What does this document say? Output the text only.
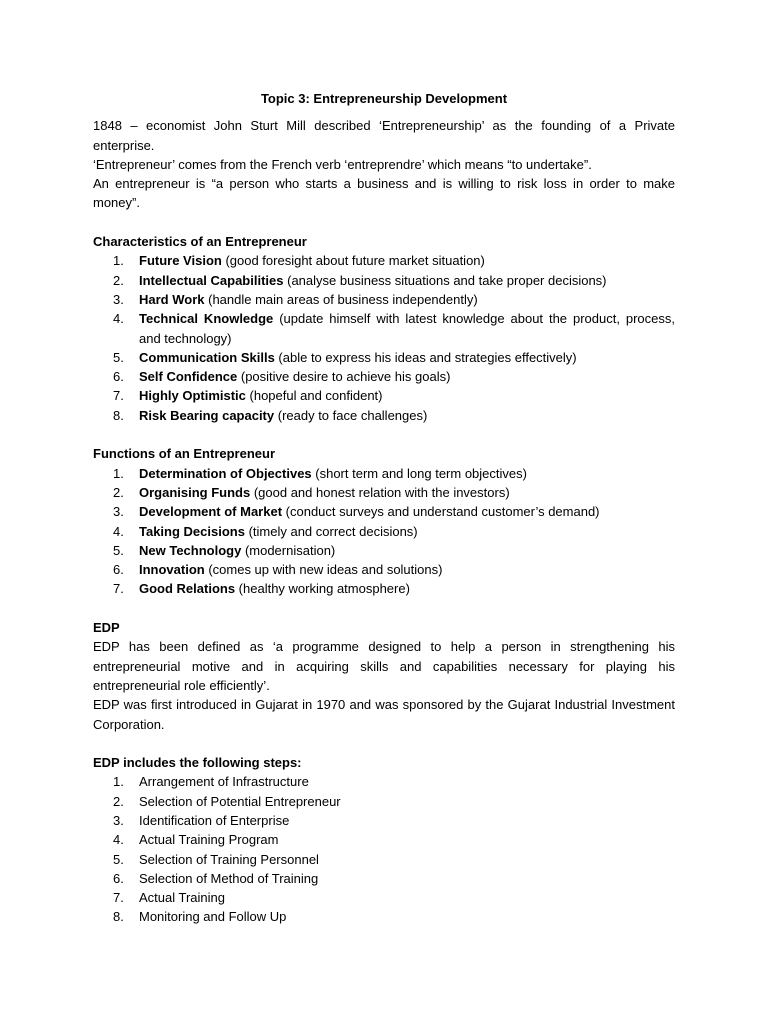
Topic 3: Entrepreneurship Development

1848 – economist John Sturt Mill described ‘Entrepreneurship’ as the founding of a Private enterprise.

‘Entrepreneur’ comes from the French verb ‘entreprendre’ which means “to undertake”.

An entrepreneur is “a person who starts a business and is willing to risk loss in order to make money”.

Characteristics of an Entrepreneur

1.	Future Vision (good foresight about future market situation)
2.	Intellectual Capabilities (analyse business situations and take proper decisions)
3.	Hard Work (handle main areas of business independently)
4.	Technical Knowledge (update himself with latest knowledge about the product, process, and technology)
5.	Communication Skills (able to express his ideas and strategies effectively)
6.	Self Confidence (positive desire to achieve his goals)
7.	Highly Optimistic (hopeful and confident)
8.	Risk Bearing capacity (ready to face challenges)

Functions of an Entrepreneur

1.	Determination of Objectives (short term and long term objectives)
2.	Organising Funds (good and honest relation with the investors)
3.	Development of Market (conduct surveys and understand customer’s demand)
4.	Taking Decisions (timely and correct decisions)
5.	New Technology (modernisation)
6.	Innovation (comes up with new ideas and solutions)
7.	Good Relations (healthy working atmosphere)

EDP

EDP has been defined as ‘a programme designed to help a person in strengthening his entrepreneurial motive and in acquiring skills and capabilities necessary for playing his entrepreneurial role efficiently’.

EDP was first introduced in Gujarat in 1970 and was sponsored by the Gujarat Industrial Investment Corporation.

EDP includes the following steps:

1.	Arrangement of Infrastructure
2.	Selection of Potential Entrepreneur
3.	Identification of Enterprise
4.	Actual Training Program
5.	Selection of Training Personnel
6.	Selection of Method of Training
7.	Actual Training
8.	Monitoring and Follow Up
